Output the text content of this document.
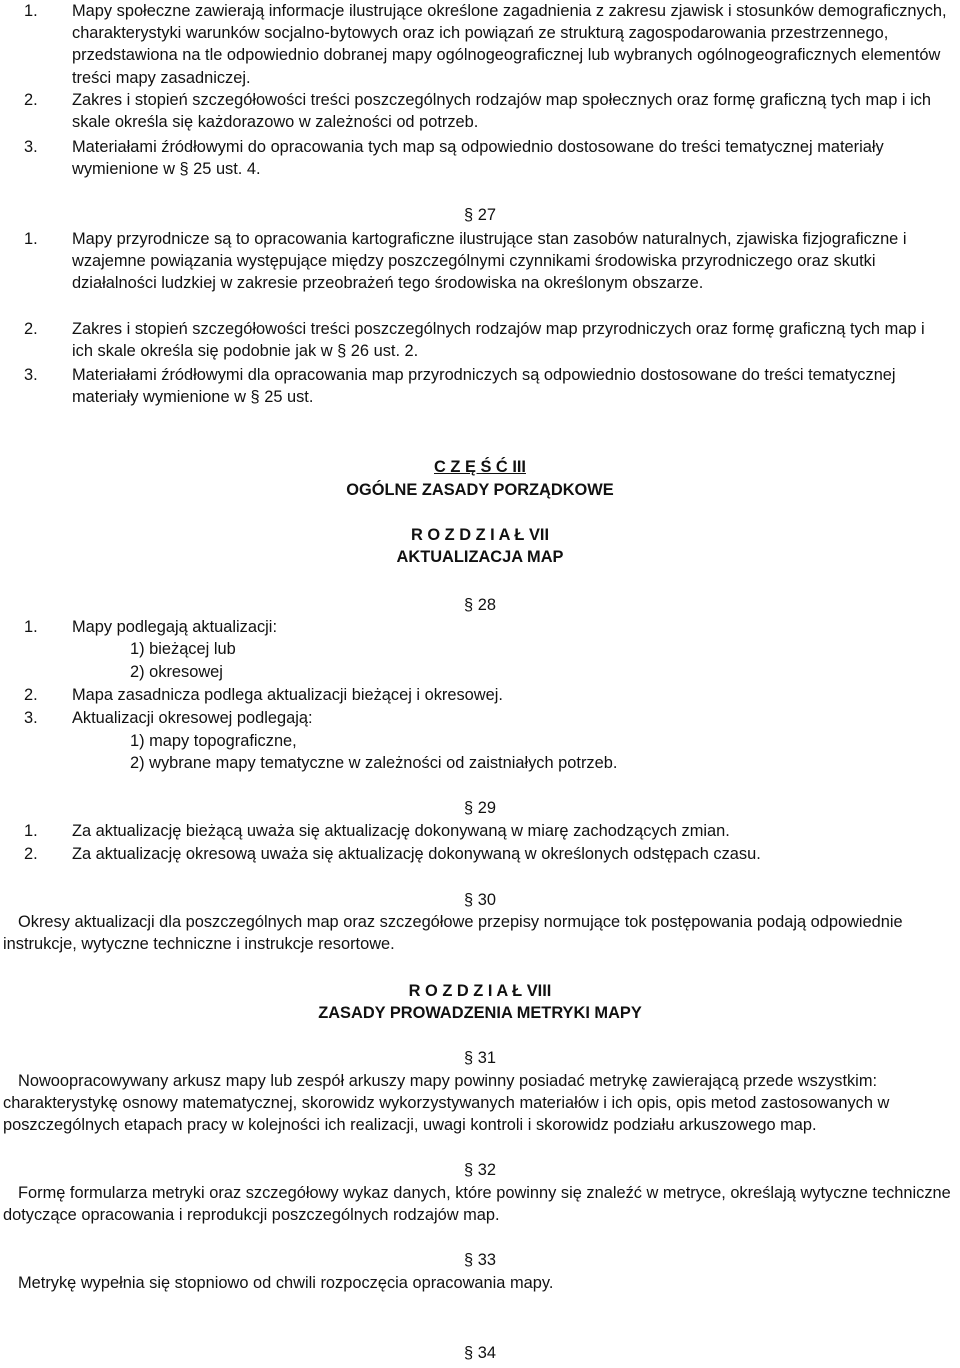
1. Mapy społeczne zawierają informacje ilustrujące określone zagadnienia z zakresu zjawisk i stosunków demograficznych, charakterystyki warunków socjalno-bytowych oraz ich powiązań ze strukturą zagospodarowania przestrzennego, przedstawiona na tle odpowiednio dobranej mapy ogólnogeograficznej lub wybranych ogólnogeograficznych elementów treści mapy zasadniczej.
2. Zakres i stopień szczegółowości treści poszczególnych rodzajów map społecznych oraz formę graficzną tych map i ich skale określa się każdorazowo w zależności od potrzeb.
3. Materiałami źródłowymi do opracowania tych map są odpowiednio dostosowane do treści tematycznej materiały wymienione w § 25 ust. 4.
§ 27
1. Mapy przyrodnicze są to opracowania kartograficzne ilustrujące stan zasobów naturalnych, zjawiska fizjograficzne i wzajemne powiązania występujące między poszczególnymi czynnikami środowiska przyrodniczego oraz skutki działalności ludzkiej w zakresie przeobrażeń tego środowiska na określonym obszarze.
2. Zakres i stopień szczegółowości treści poszczególnych rodzajów map przyrodniczych oraz formę graficzną tych map i ich skale określa się podobnie jak w § 26 ust. 2.
3. Materiałami źródłowymi dla opracowania map przyrodniczych są odpowiednio dostosowane do treści tematycznej materiały wymienione w § 25 ust.
C Z Ę Ś Ć III
OGÓLNE ZASADY PORZĄDKOWE
R O Z D Z I A Ł VII
AKTUALIZACJA MAP
§ 28
1. Mapy podlegają aktualizacji:
1) bieżącej lub
2) okresowej
2. Mapa zasadnicza podlega aktualizacji bieżącej i okresowej.
3. Aktualizacji okresowej podlegają:
1) mapy topograficzne,
2) wybrane mapy tematyczne w zależności od zaistniałych potrzeb.
§ 29
1. Za aktualizację bieżącą uważa się aktualizację dokonywaną w miarę zachodzących zmian.
2. Za aktualizację okresową uważa się aktualizację dokonywaną w określonych odstępach czasu.
§ 30
Okresy aktualizacji dla poszczególnych map oraz szczegółowe przepisy normujące tok postępowania podają odpowiednie instrukcje, wytyczne techniczne i instrukcje resortowe.
R O Z D Z I A Ł VIII
ZASADY PROWADZENIA METRYKI MAPY
§ 31
Nowoopracowywany arkusz mapy lub zespół arkuszy mapy powinny posiadać metrykę zawierającą przede wszystkim: charakterystykę osnowy matematycznej, skorowidz wykorzystywanych materiałów i ich opis, opis metod zastosowanych w poszczególnych etapach pracy w kolejności ich realizacji, uwagi kontroli i skorowidz podziału arkuszowego map.
§ 32
Formę formularza metryki oraz szczegółowy wykaz danych, które powinny się znaleźć w metryce, określają wytyczne techniczne dotyczące opracowania i reprodukcji poszczególnych rodzajów map.
§ 33
Metrykę wypełnia się stopniowo od chwili rozpoczęcia opracowania mapy.
§ 34
